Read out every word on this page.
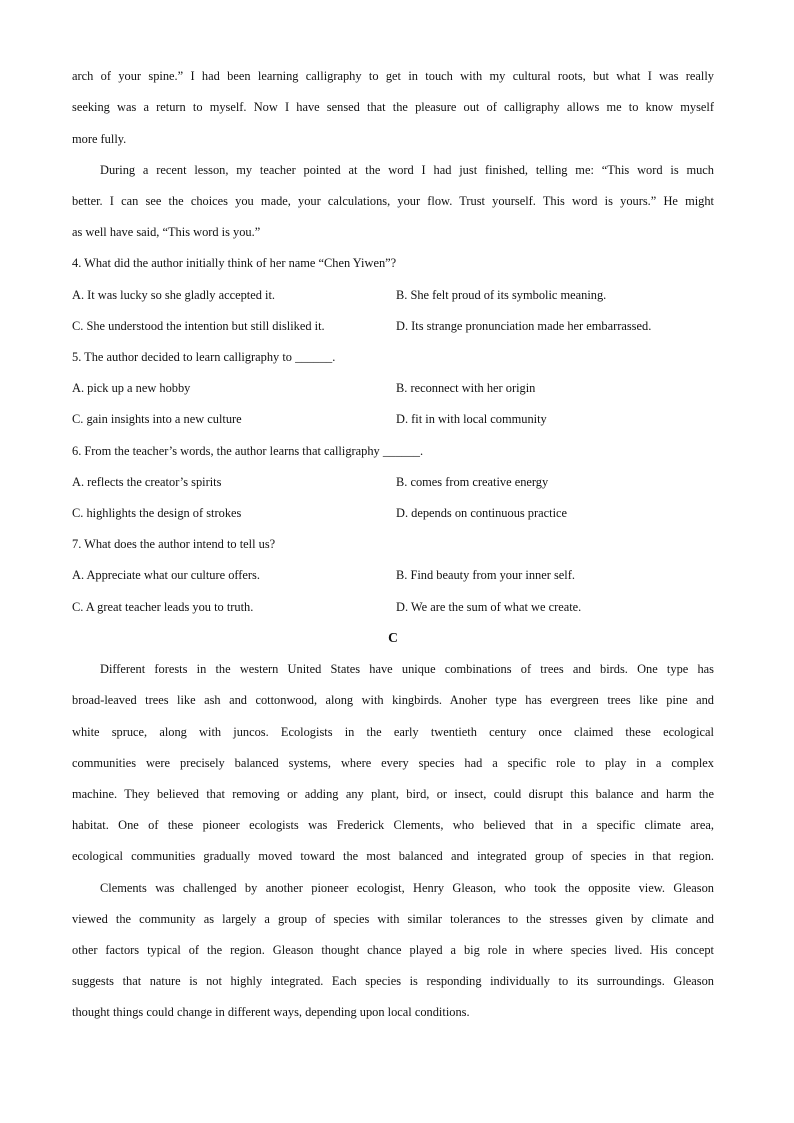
arch of your spine.” I had been learning calligraphy to get in touch with my cultural roots, but what I was really
seeking was a return to myself. Now I have sensed that the pleasure out of calligraphy allows me to know myself
more fully.
During a recent lesson, my teacher pointed at the word I had just finished, telling me: “This word is much
better. I can see the choices you made, your calculations, your flow. Trust yourself. This word is yours.” He might
as well have said, “This word is you.”
4. What did the author initially think of her name “Chen Yiwen”?
A. It was lucky so she gladly accepted it.	B. She felt proud of its symbolic meaning.
C. She understood the intention but still disliked it.	D. Its strange pronunciation made her embarrassed.
5. The author decided to learn calligraphy to ______.
A. pick up a new hobby	B. reconnect with her origin
C. gain insights into a new culture	D. fit in with local community
6. From the teacher’s words, the author learns that calligraphy ______.
A. reflects the creator’s spirits	B. comes from creative energy
C. highlights the design of strokes	D. depends on continuous practice
7. What does the author intend to tell us?
A. Appreciate what our culture offers.	B. Find beauty from your inner self.
C. A great teacher leads you to truth.	D. We are the sum of what we create.
C
Different forests in the western United States have unique combinations of trees and birds. One type has
broad-leaved trees like ash and cottonwood, along with kingbirds. Anoher type has evergreen trees like pine and
white spruce, along with juncos. Ecologists in the early twentieth century once claimed these ecological
communities were precisely balanced systems, where every species had a specific role to play in a complex
machine. They believed that removing or adding any plant, bird, or insect, could disrupt this balance and harm the
habitat. One of these pioneer ecologists was Frederick Clements, who believed that in a specific climate area,
ecological communities gradually moved toward the most balanced and integrated group of species in that region.
Clements was challenged by another pioneer ecologist, Henry Gleason, who took the opposite view. Gleason
viewed the community as largely a group of species with similar tolerances to the stresses given by climate and
other factors typical of the region. Gleason thought chance played a big role in where species lived. His concept
suggests that nature is not highly integrated. Each species is responding individually to its surroundings. Gleason
thought things could change in different ways, depending upon local conditions.
